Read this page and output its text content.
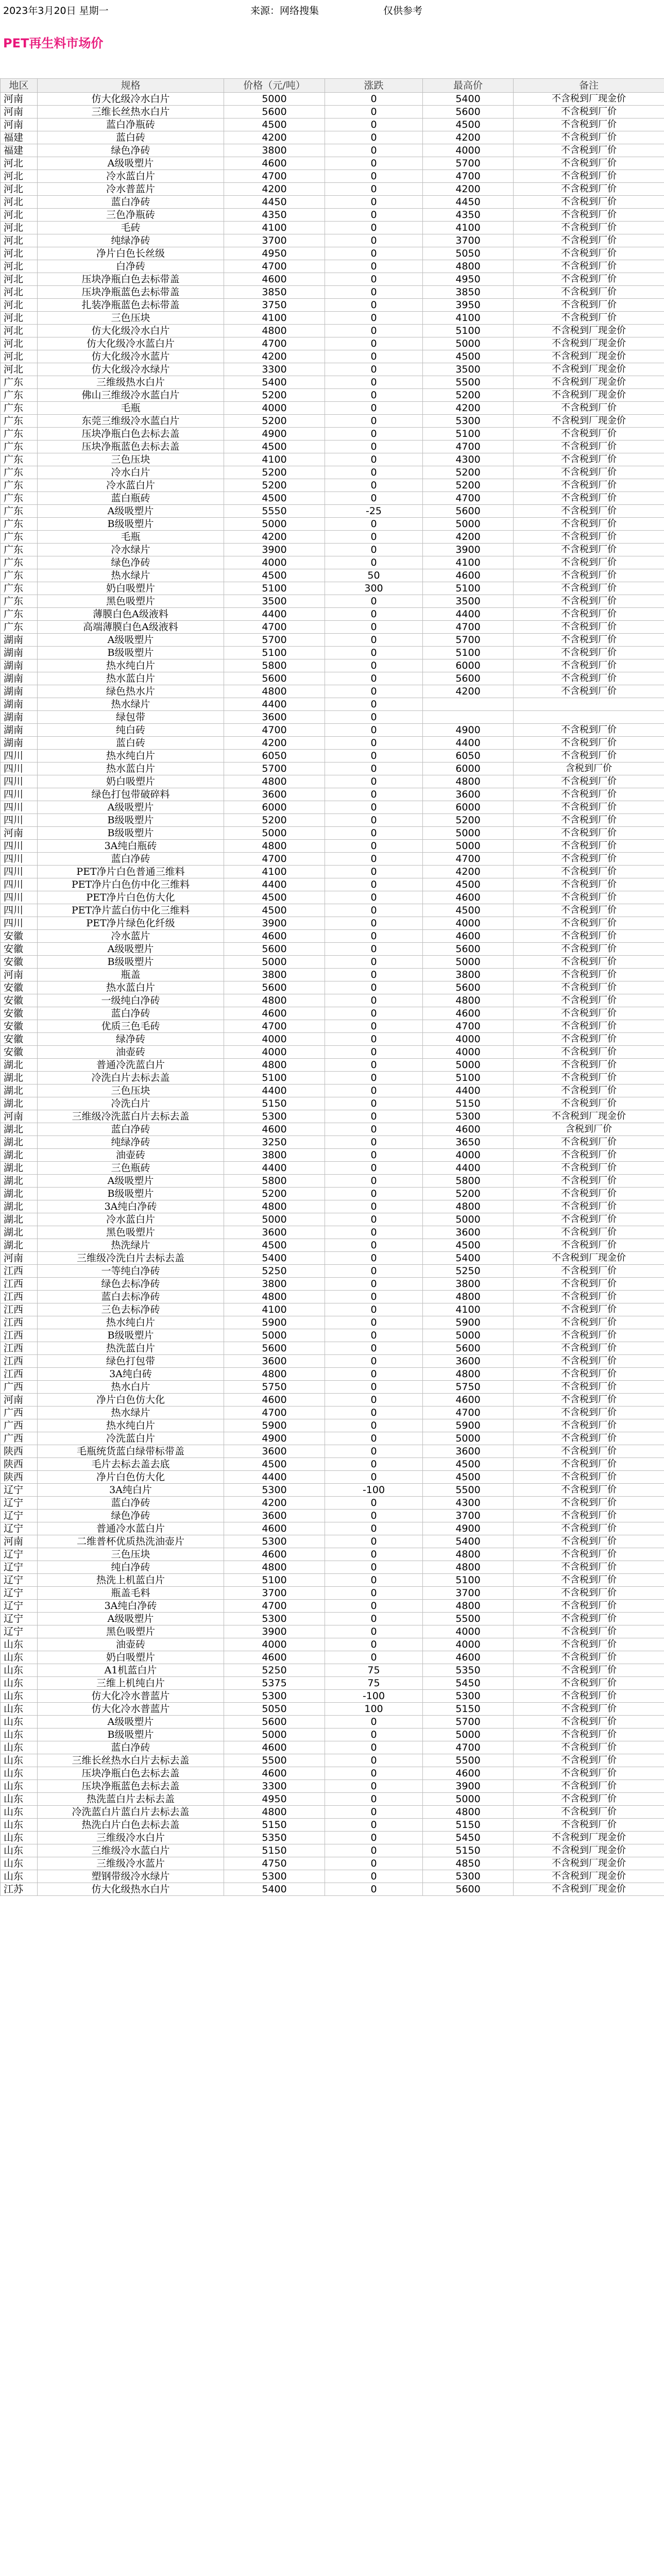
2023年3月20日 星期一	来源：网络搜集	仅供参考
PET再生料市场价
地区	规格	价格（元/吨）	涨跌	最高价	备注
河南	仿大化级冷水白片	5000	0	5400	不含税到厂现金价
河南	三维长丝热水白片	5600	0	5600	不含税到厂价
河南	蓝白净瓶砖	4500	0	4500	不含税到厂价
福建	蓝白砖	4200	0	4200	不含税到厂价
福建	绿色净砖	3800	0	4000	不含税到厂价
河北	A级吸塑片	4600	0	5700	不含税到厂价
河北	冷水蓝白片	4700	0	4700	不含税到厂价
河北	冷水普蓝片	4200	0	4200	不含税到厂价
河北	蓝白净砖	4450	0	4450	不含税到厂价
河北	三色净瓶砖	4350	0	4350	不含税到厂价
河北	毛砖	4100	0	4100	不含税到厂价
河北	纯绿净砖	3700	0	3700	不含税到厂价
河北	净片白色长丝级	4950	0	5050	不含税到厂价
河北	白净砖	4700	0	4800	不含税到厂价
河北	压块净瓶白色去标带盖	4600	0	4950	不含税到厂价
河北	压块净瓶蓝色去标带盖	3850	0	3850	不含税到厂价
河北	扎装净瓶蓝色去标带盖	3750	0	3950	不含税到厂价
河北	三色压块	4100	0	4100	不含税到厂价
河北	仿大化级冷水白片	4800	0	5100	不含税到厂现金价
河北	仿大化级冷水蓝白片	4700	0	5000	不含税到厂现金价
河北	仿大化级冷水蓝片	4200	0	4500	不含税到厂现金价
河北	仿大化级冷水绿片	3300	0	3500	不含税到厂现金价
广东	三维级热水白片	5400	0	5500	不含税到厂现金价
广东	佛山三维级冷水蓝白片	5200	0	5200	不含税到厂现金价
广东	毛瓶	4000	0	4200	不含税到厂价
广东	东莞三维级冷水蓝白片	5200	0	5300	不含税到厂现金价
广东	压块净瓶白色去标去盖	4900	0	5100	不含税到厂价
广东	压块净瓶蓝色去标去盖	4500	0	4700	不含税到厂价
广东	三色压块	4100	0	4300	不含税到厂价
广东	冷水白片	5200	0	5200	不含税到厂价
广东	冷水蓝白片	5200	0	5200	不含税到厂价
广东	蓝白瓶砖	4500	0	4700	不含税到厂价
广东	A级吸塑片	5550	-25	5600	不含税到厂价
广东	B级吸塑片	5000	0	5000	不含税到厂价
广东	毛瓶	4200	0	4200	不含税到厂价
广东	冷水绿片	3900	0	3900	不含税到厂价
广东	绿色净砖	4000	0	4100	不含税到厂价
广东	热水绿片	4500	50	4600	不含税到厂价
广东	奶白吸塑片	5100	300	5100	不含税到厂价
广东	黑色吸塑片	3500	0	3500	不含税到厂价
广东	薄膜白色A级液料	4400	0	4400	不含税到厂价
广东	高端薄膜白色A级液料	4700	0	4700	不含税到厂价
湖南	A级吸塑片	5700	0	5700	不含税到厂价
湖南	B级吸塑片	5100	0	5100	不含税到厂价
湖南	热水纯白片	5800	0	6000	不含税到厂价
湖南	热水蓝白片	5600	0	5600	不含税到厂价
湖南	绿色热水片	4800	0	4200	不含税到厂价
湖南	热水绿片	4400	0		
湖南	绿包带	3600	0		
湖南	纯白砖	4700	0	4900	不含税到厂价
湖南	蓝白砖	4200	0	4400	不含税到厂价
四川	热水纯白片	6050	0	6050	不含税到厂价
四川	热水蓝白片	5700	0	6000	含税到厂价
四川	奶白吸塑片	4800	0	4800	不含税到厂价
四川	绿色打包带破碎料	3600	0	3600	不含税到厂价
四川	A级吸塑片	6000	0	6000	不含税到厂价
四川	B级吸塑片	5200	0	5200	不含税到厂价
河南	B级吸塑片	5000	0	5000	不含税到厂价
四川	3A纯白瓶砖	4800	0	5000	不含税到厂价
四川	蓝白净砖	4700	0	4700	不含税到厂价
四川	PET净片白色普通三维料	4100	0	4200	不含税到厂价
四川	PET净片白色仿中化三维料	4400	0	4500	不含税到厂价
四川	PET净片白色仿大化	4500	0	4600	不含税到厂价
四川	PET净片蓝白仿中化三维料	4500	0	4500	不含税到厂价
四川	PET净片绿色化纤级	3900	0	4000	不含税到厂价
安徽	冷水蓝片	4600	0	4600	不含税到厂价
安徽	A级吸塑片	5600	0	5600	不含税到厂价
安徽	B级吸塑片	5000	0	5000	不含税到厂价
河南	瓶盖	3800	0	3800	不含税到厂价
安徽	热水蓝白片	5600	0	5600	不含税到厂价
安徽	一级纯白净砖	4800	0	4800	不含税到厂价
安徽	蓝白净砖	4600	0	4600	不含税到厂价
安徽	优质三色毛砖	4700	0	4700	不含税到厂价
安徽	绿净砖	4000	0	4000	不含税到厂价
安徽	油壶砖	4000	0	4000	不含税到厂价
湖北	普通冷洗蓝白片	4800	0	5000	不含税到厂价
湖北	冷洗白片去标去盖	5100	0	5100	不含税到厂价
湖北	三色压块	4400	0	4400	不含税到厂价
湖北	冷洗白片	5150	0	5150	不含税到厂价
河南	三维级冷洗蓝白片去标去盖	5300	0	5300	不含税到厂现金价
湖北	蓝白净砖	4600	0	4600	含税到厂价
湖北	纯绿净砖	3250	0	3650	不含税到厂价
湖北	油壶砖	3800	0	4000	不含税到厂价
湖北	三色瓶砖	4400	0	4400	不含税到厂价
湖北	A级吸塑片	5800	0	5800	不含税到厂价
湖北	B级吸塑片	5200	0	5200	不含税到厂价
湖北	3A纯白净砖	4800	0	4800	不含税到厂价
湖北	冷水蓝白片	5000	0	5000	不含税到厂价
湖北	黑色吸塑片	3600	0	3600	不含税到厂价
湖北	热洗绿片	4500	0	4500	不含税到厂价
河南	三维级冷洗白片去标去盖	5400	0	5400	不含税到厂现金价
江西	一等纯白净砖	5250	0	5250	不含税到厂价
江西	绿色去标净砖	3800	0	3800	不含税到厂价
江西	蓝白去标净砖	4800	0	4800	不含税到厂价
江西	三色去标净砖	4100	0	4100	不含税到厂价
江西	热水纯白片	5900	0	5900	不含税到厂价
江西	B级吸塑片	5000	0	5000	不含税到厂价
江西	热洗蓝白片	5600	0	5600	不含税到厂价
江西	绿色打包带	3600	0	3600	不含税到厂价
江西	3A纯白砖	4800	0	4800	不含税到厂价
广西	热水白片	5750	0	5750	不含税到厂价
河南	净片白色仿大化	4600	0	4600	不含税到厂价
广西	热水绿片	4700	0	4700	不含税到厂价
广西	热水纯白片	5900	0	5900	不含税到厂价
广西	冷洗蓝白片	4900	0	5000	不含税到厂价
陕西	毛瓶统货蓝白绿带标带盖	3600	0	3600	不含税到厂价
陕西	毛片去标去盖去底	4500	0	4500	不含税到厂价
陕西	净片白色仿大化	4400	0	4500	不含税到厂价
辽宁	3A纯白片	5300	-100	5500	不含税到厂价
辽宁	蓝白净砖	4200	0	4300	不含税到厂价
辽宁	绿色净砖	3600	0	3700	不含税到厂价
辽宁	普通冷水蓝白片	4600	0	4900	不含税到厂价
河南	二维普杯优质热洗油壶片	5300	0	5400	不含税到厂价
辽宁	三色压块	4600	0	4800	不含税到厂价
辽宁	纯白净砖	4800	0	4800	不含税到厂价
辽宁	热洗上机蓝白片	5100	0	5100	不含税到厂价
辽宁	瓶盖毛料	3700	0	3700	不含税到厂价
辽宁	3A纯白净砖	4700	0	4800	不含税到厂价
辽宁	A级吸塑片	5300	0	5500	不含税到厂价
辽宁	黑色吸塑片	3900	0	4000	不含税到厂价
山东	油壶砖	4000	0	4000	不含税到厂价
山东	奶白吸塑片	4600	0	4600	不含税到厂价
山东	A1机蓝白片	5250	75	5350	不含税到厂价
山东	三维上机纯白片	5375	75	5450	不含税到厂价
山东	仿大化冷水普蓝片	5300	-100	5300	不含税到厂价
山东	仿大化冷水普蓝片	5050	100	5150	不含税到厂价
山东	A级吸塑片	5600	0	5700	不含税到厂价
山东	B级吸塑片	5000	0	5000	不含税到厂价
山东	蓝白净砖	4600	0	4700	不含税到厂价
山东	三维长丝热水白片去标去盖	5500	0	5500	不含税到厂价
山东	压块净瓶白色去标去盖	4600	0	4600	不含税到厂价
山东	压块净瓶蓝色去标去盖	3300	0	3900	不含税到厂价
山东	热洗蓝白片去标去盖	4950	0	5000	不含税到厂价
山东	冷洗蓝白片蓝白片去标去盖	4800	0	4800	不含税到厂价
山东	热洗白片白色去标去盖	5150	0	5150	不含税到厂价
山东	三维级冷水白片	5350	0	5450	不含税到厂现金价
山东	三维级冷水蓝白片	5150	0	5150	不含税到厂现金价
山东	三维级冷水蓝片	4750	0	4850	不含税到厂现金价
山东	塑钢带级冷水绿片	5300	0	5300	不含税到厂现金价
江苏	仿大化级热水白片	5400	0	5600	不含税到厂现金价
